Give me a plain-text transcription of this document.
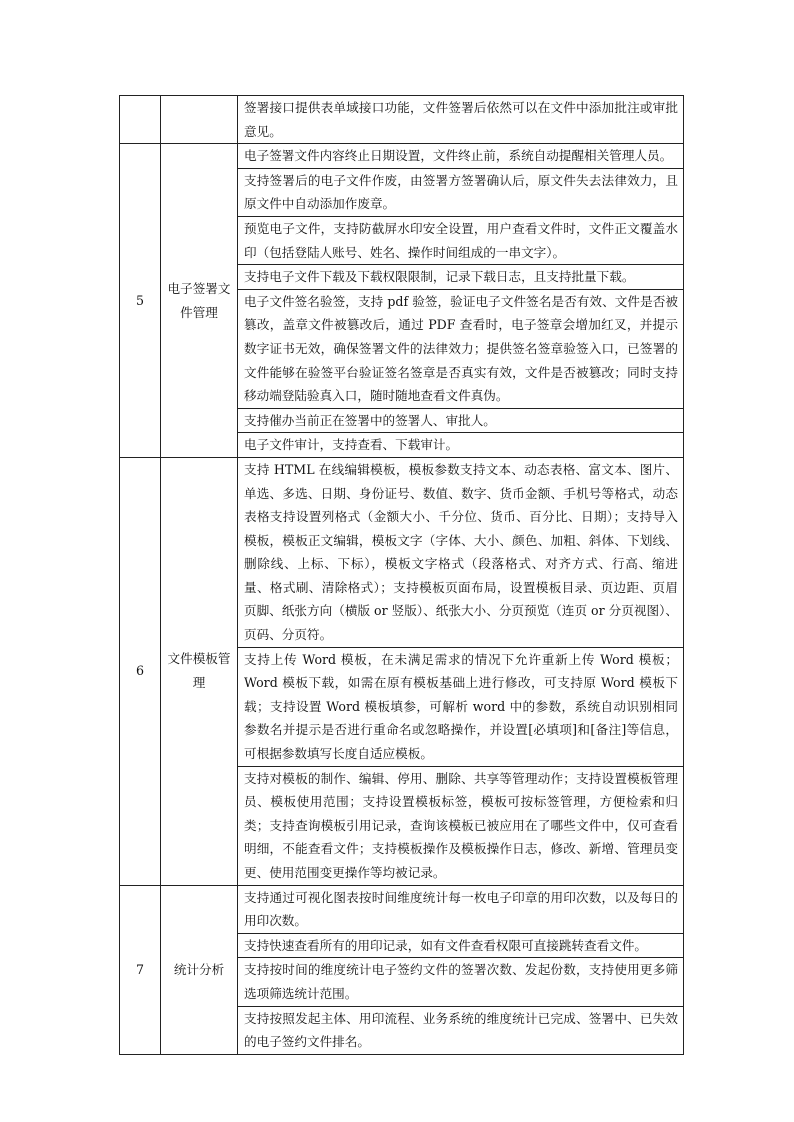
		签署接口提供表单域接口功能，文件签署后依然可以在文件中添加批注或审批意见。
5	电子签署文件管理	电子签署文件内容终止日期设置，文件终止前，系统自动提醒相关管理人员。
		支持签署后的电子文件作废，由签署方签署确认后，原文件失去法律效力，且原文件中自动添加作废章。
		预览电子文件，支持防截屏水印安全设置，用户查看文件时，文件正文覆盖水印（包括登陆人账号、姓名、操作时间组成的一串文字）。
		支持电子文件下载及下载权限限制，记录下载日志，且支持批量下载。
		电子文件签名验签，支持 pdf 验签，验证电子文件签名是否有效、文件是否被篡改，盖章文件被篡改后，通过 PDF 查看时，电子签章会增加红叉，并提示数字证书无效，确保签署文件的法律效力；提供签名签章验签入口，已签署的文件能够在验签平台验证签名签章是否真实有效，文件是否被篡改；同时支持移动端登陆验真入口，随时随地查看文件真伪。
		支持催办当前正在签署中的签署人、审批人。
		电子文件审计，支持查看、下载审计。
6	文件模板管理	支持 HTML 在线编辑模板，模板参数支持文本、动态表格、富文本、图片、单选、多选、日期、身份证号、数值、数字、货币金额、手机号等格式，动态表格支持设置列格式（金额大小、千分位、货币、百分比、日期）；支持导入模板，模板正文编辑，模板文字（字体、大小、颜色、加粗、斜体、下划线、删除线、上标、下标），模板文字格式（段落格式、对齐方式、行高、缩进量、格式刷、清除格式）；支持模板页面布局，设置模板目录、页边距、页眉页脚、纸张方向（横版 or 竖版）、纸张大小、分页预览（连页 or 分页视图）、页码、分页符。
		支持上传 Word 模板，在未满足需求的情况下允许重新上传 Word 模板；Word 模板下载，如需在原有模板基础上进行修改，可支持原 Word 模板下载；支持设置 Word 模板填参，可解析 word 中的参数，系统自动识别相同参数名并提示是否进行重命名或忽略操作，并设置[必填项]和[备注]等信息，可根据参数填写长度自适应模板。
		支持对模板的制作、编辑、停用、删除、共享等管理动作；支持设置模板管理员、模板使用范围；支持设置模板标签，模板可按标签管理，方便检索和归类；支持查询模板引用记录，查询该模板已被应用在了哪些文件中，仅可查看明细，不能查看文件；支持模板操作及模板操作日志，修改、新增、管理员变更、使用范围变更操作等均被记录。
7	统计分析	支持通过可视化图表按时间维度统计每一枚电子印章的用印次数，以及每日的用印次数。
		支持快速查看所有的用印记录，如有文件查看权限可直接跳转查看文件。
		支持按时间的维度统计电子签约文件的签署次数、发起份数，支持使用更多筛选项筛选统计范围。
		支持按照发起主体、用印流程、业务系统的维度统计已完成、签署中、已失效的电子签约文件排名。
